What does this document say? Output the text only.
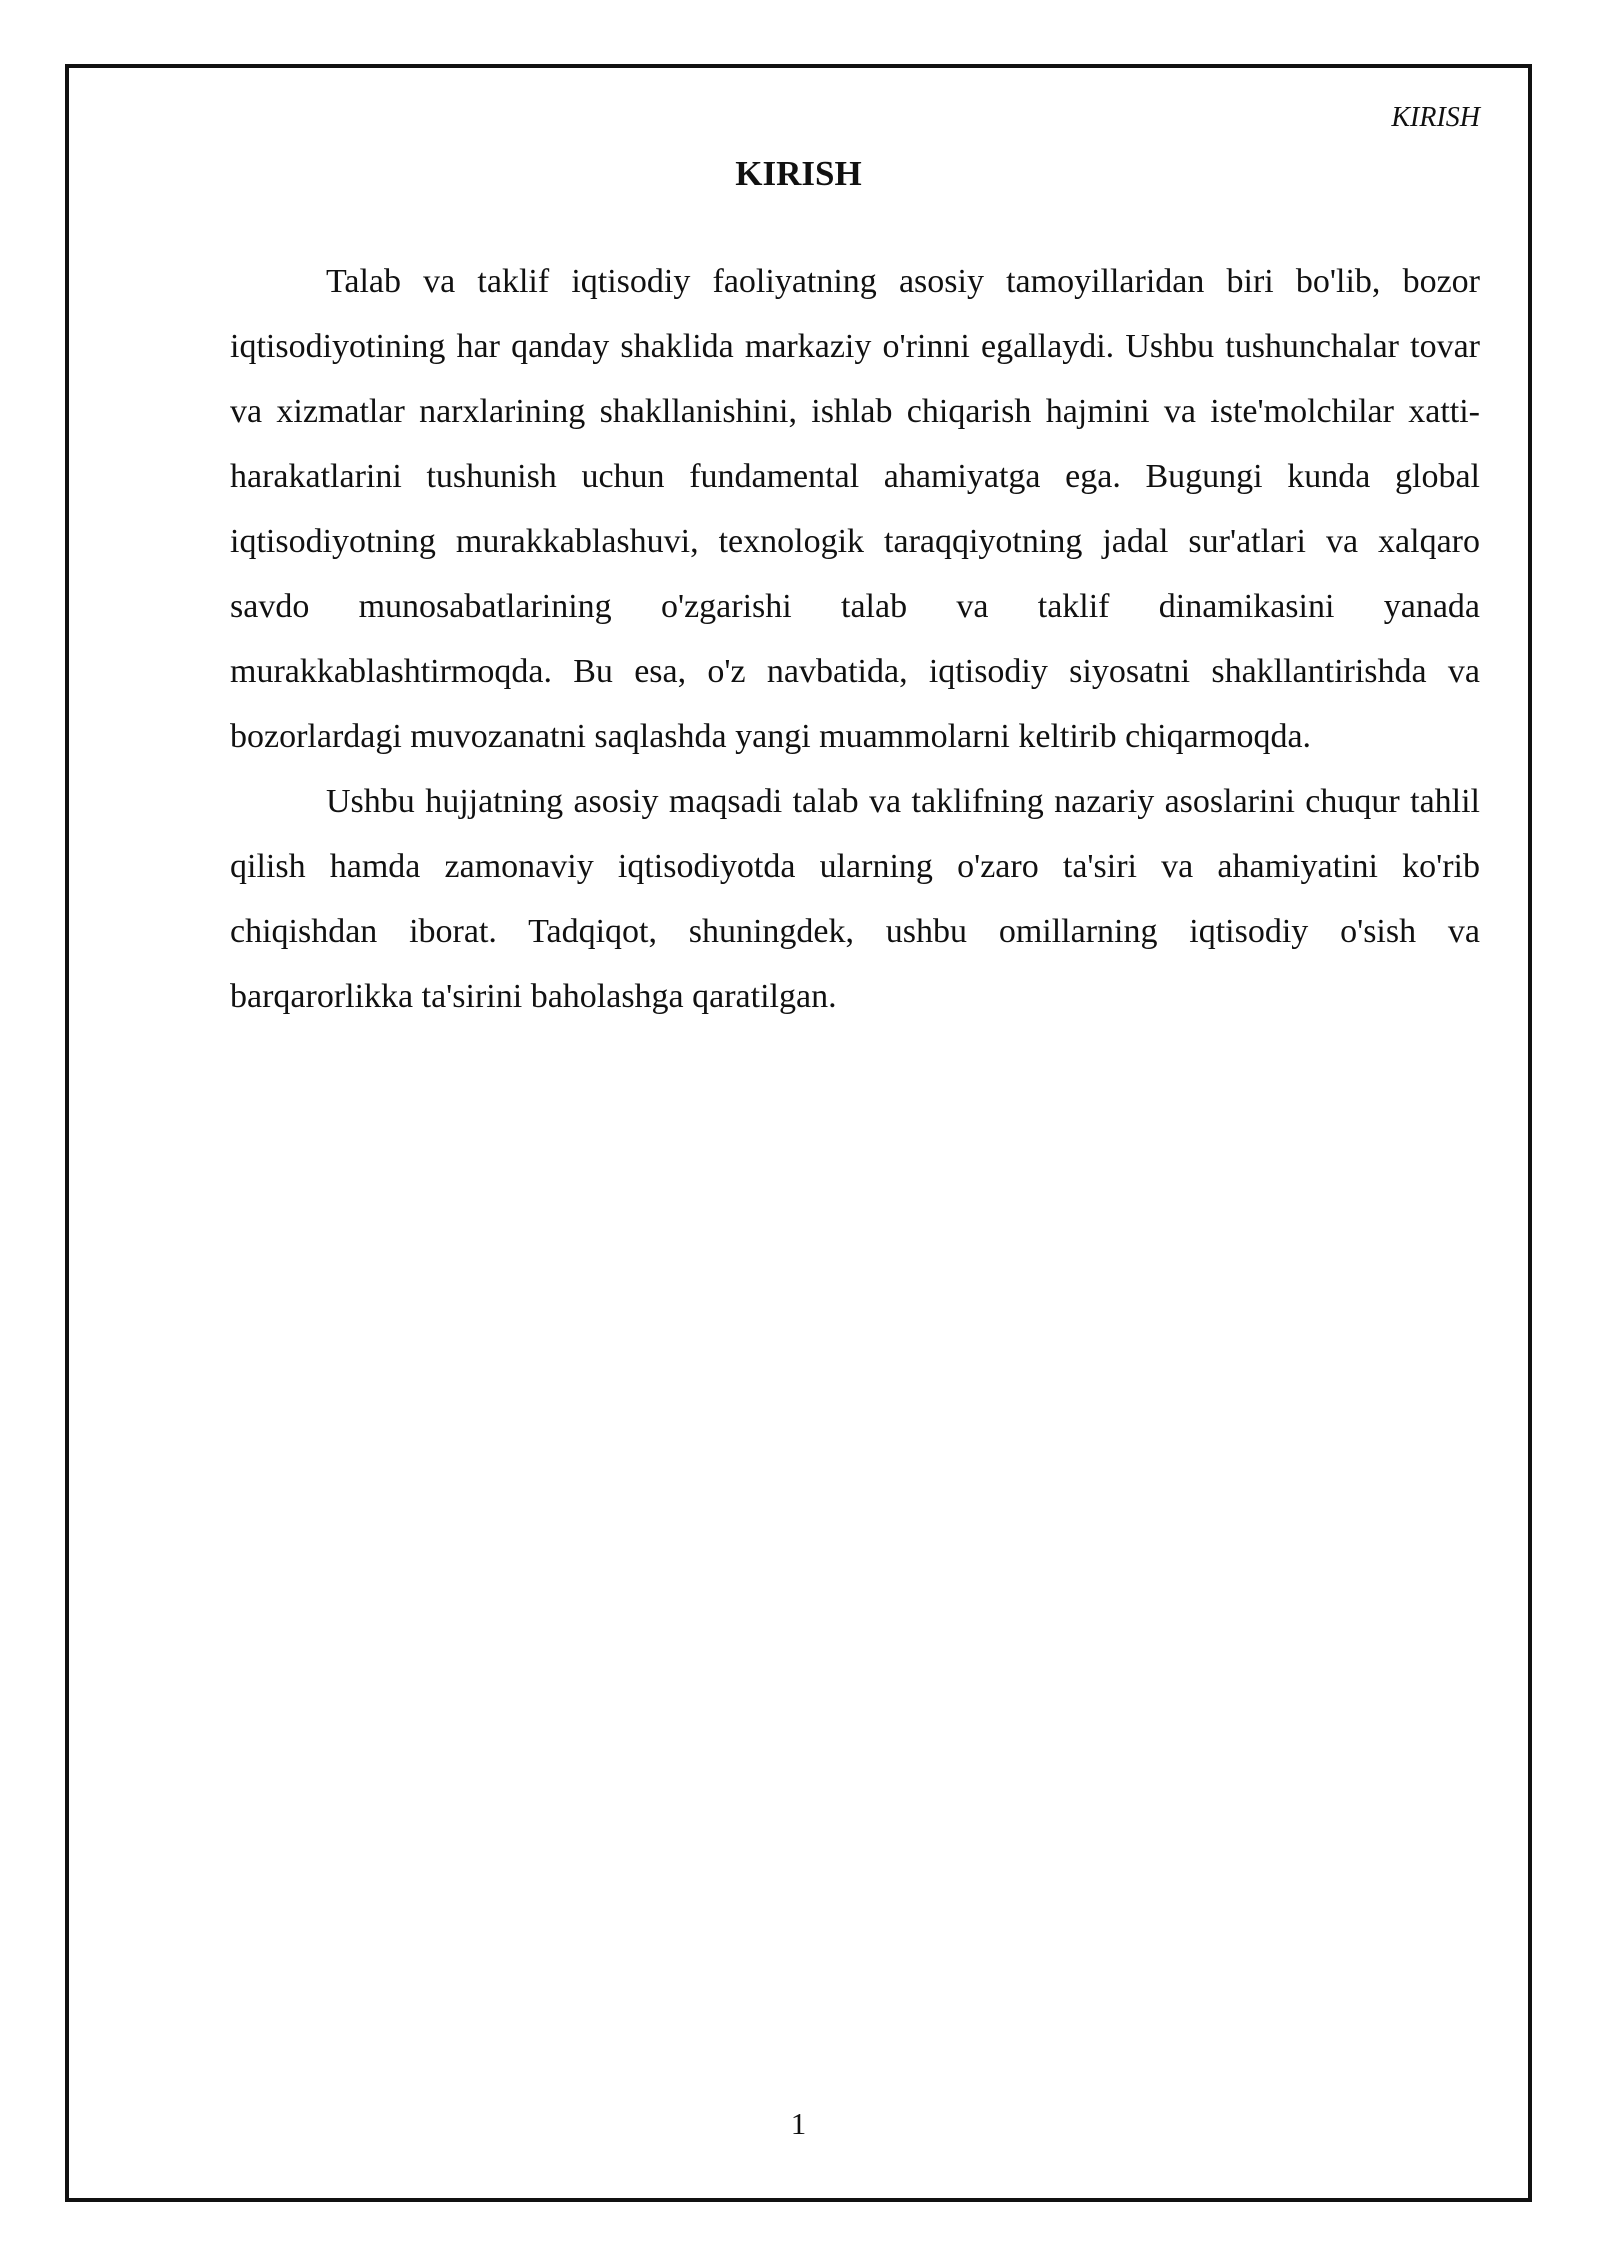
KIRISH
KIRISH

Talab va taklif iqtisodiy faoliyatning asosiy tamoyillaridan biri bo'lib, bozor iqtisodiyotining har qanday shaklida markaziy o'rinni egallaydi. Ushbu tushunchalar tovar va xizmatlar narxlarining shakllanishini, ishlab chiqarish hajmini va iste'molchilar xatti-harakatlarini tushunish uchun fundamental ahamiyatga ega. Bugungi kunda global iqtisodiyotning murakkablashuvi, texnologik taraqqiyotning jadal sur'atlari va xalqaro savdo munosabatlarining o'zgarishi talab va taklif dinamikasini yanada murakkablashtirmoqda. Bu esa, o'z navbatida, iqtisodiy siyosatni shakllantirishda va bozorlardagi muvozanatni saqlashda yangi muammolarni keltirib chiqarmoqda.

Ushbu hujjatning asosiy maqsadi talab va taklifning nazariy asoslarini chuqur tahlil qilish hamda zamonaviy iqtisodiyotda ularning o'zaro ta'siri va ahamiyatini ko'rib chiqishdan iborat. Tadqiqot, shuningdek, ushbu omillarning iqtisodiy o'sish va barqarorlikka ta'sirini baholashga qaratilgan.

1
